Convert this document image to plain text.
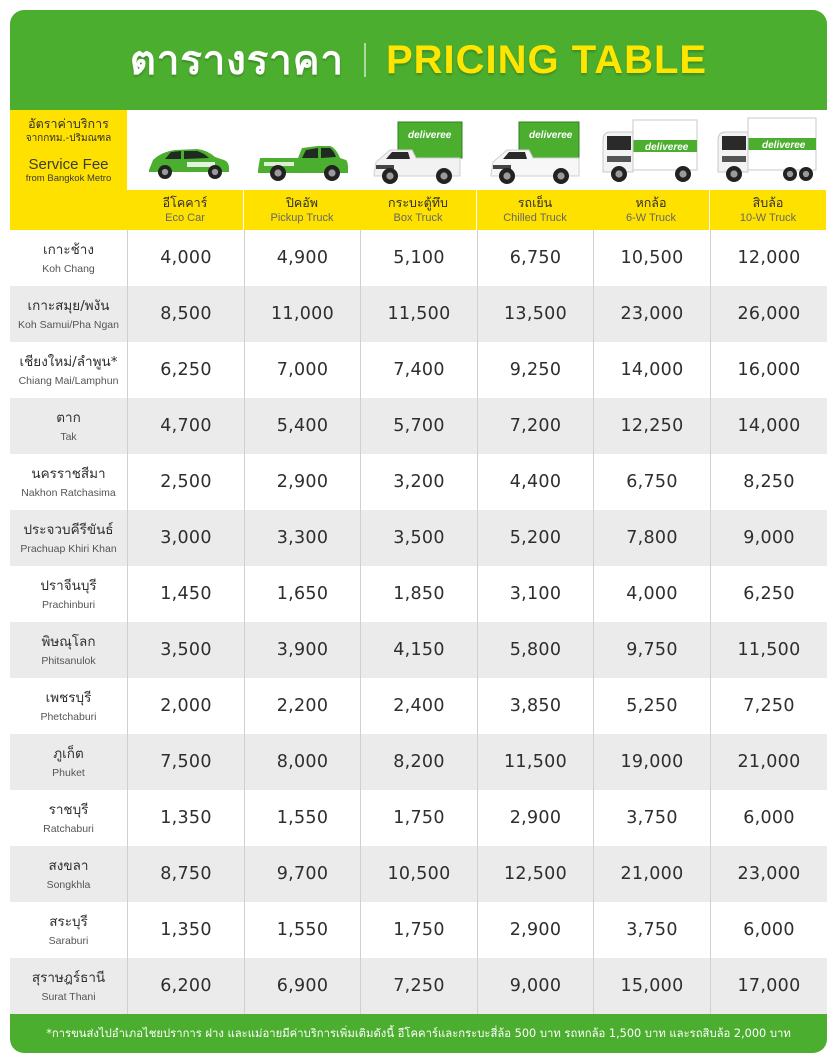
ตารางราคา PRICING TABLE
อัตราค่าบริการ
จากกทม.-ปริมณฑล
Service Fee
from Bangkok Metro
อีโคคาร์
Eco Car
ปิคอัพ
Pickup Truck
deliveree
กระบะตู้ทึบ
Box Truck
deliveree
รถเย็น
Chilled Truck
deliveree
หกล้อ
6-W Truck
deliveree
สิบล้อ
10-W Truck
เกาะช้าง
Koh Chang
4,000	4,900	5,100	6,750	10,500	12,000
เกาะสมุย/พงัน
Koh Samui/Pha Ngan
8,500	11,000	11,500	13,500	23,000	26,000
เชียงใหม่/ลำพูน*
Chiang Mai/Lamphun
6,250	7,000	7,400	9,250	14,000	16,000
ตาก
Tak
4,700	5,400	5,700	7,200	12,250	14,000
นครราชสีมา
Nakhon Ratchasima
2,500	2,900	3,200	4,400	6,750	8,250
ประจวบคีรีขันธ์
Prachuap Khiri Khan
3,000	3,300	3,500	5,200	7,800	9,000
ปราจีนบุรี
Prachinburi
1,450	1,650	1,850	3,100	4,000	6,250
พิษณุโลก
Phitsanulok
3,500	3,900	4,150	5,800	9,750	11,500
เพชรบุรี
Phetchaburi
2,000	2,200	2,400	3,850	5,250	7,250
ภูเก็ต
Phuket
7,500	8,000	8,200	11,500	19,000	21,000
ราชบุรี
Ratchaburi
1,350	1,550	1,750	2,900	3,750	6,000
สงขลา
Songkhla
8,750	9,700	10,500	12,500	21,000	23,000
สระบุรี
Saraburi
1,350	1,550	1,750	2,900	3,750	6,000
สุราษฎร์ธานี
Surat Thani
6,200	6,900	7,250	9,000	15,000	17,000
*การขนส่งไปอำเภอไชยปราการ ฝาง และแม่อายมีค่าบริการเพิ่มเติมดังนี้ อีโคคาร์และกระบะสี่ล้อ 500 บาท รถหกล้อ 1,500 บาท และรถสิบล้อ 2,000 บาท
